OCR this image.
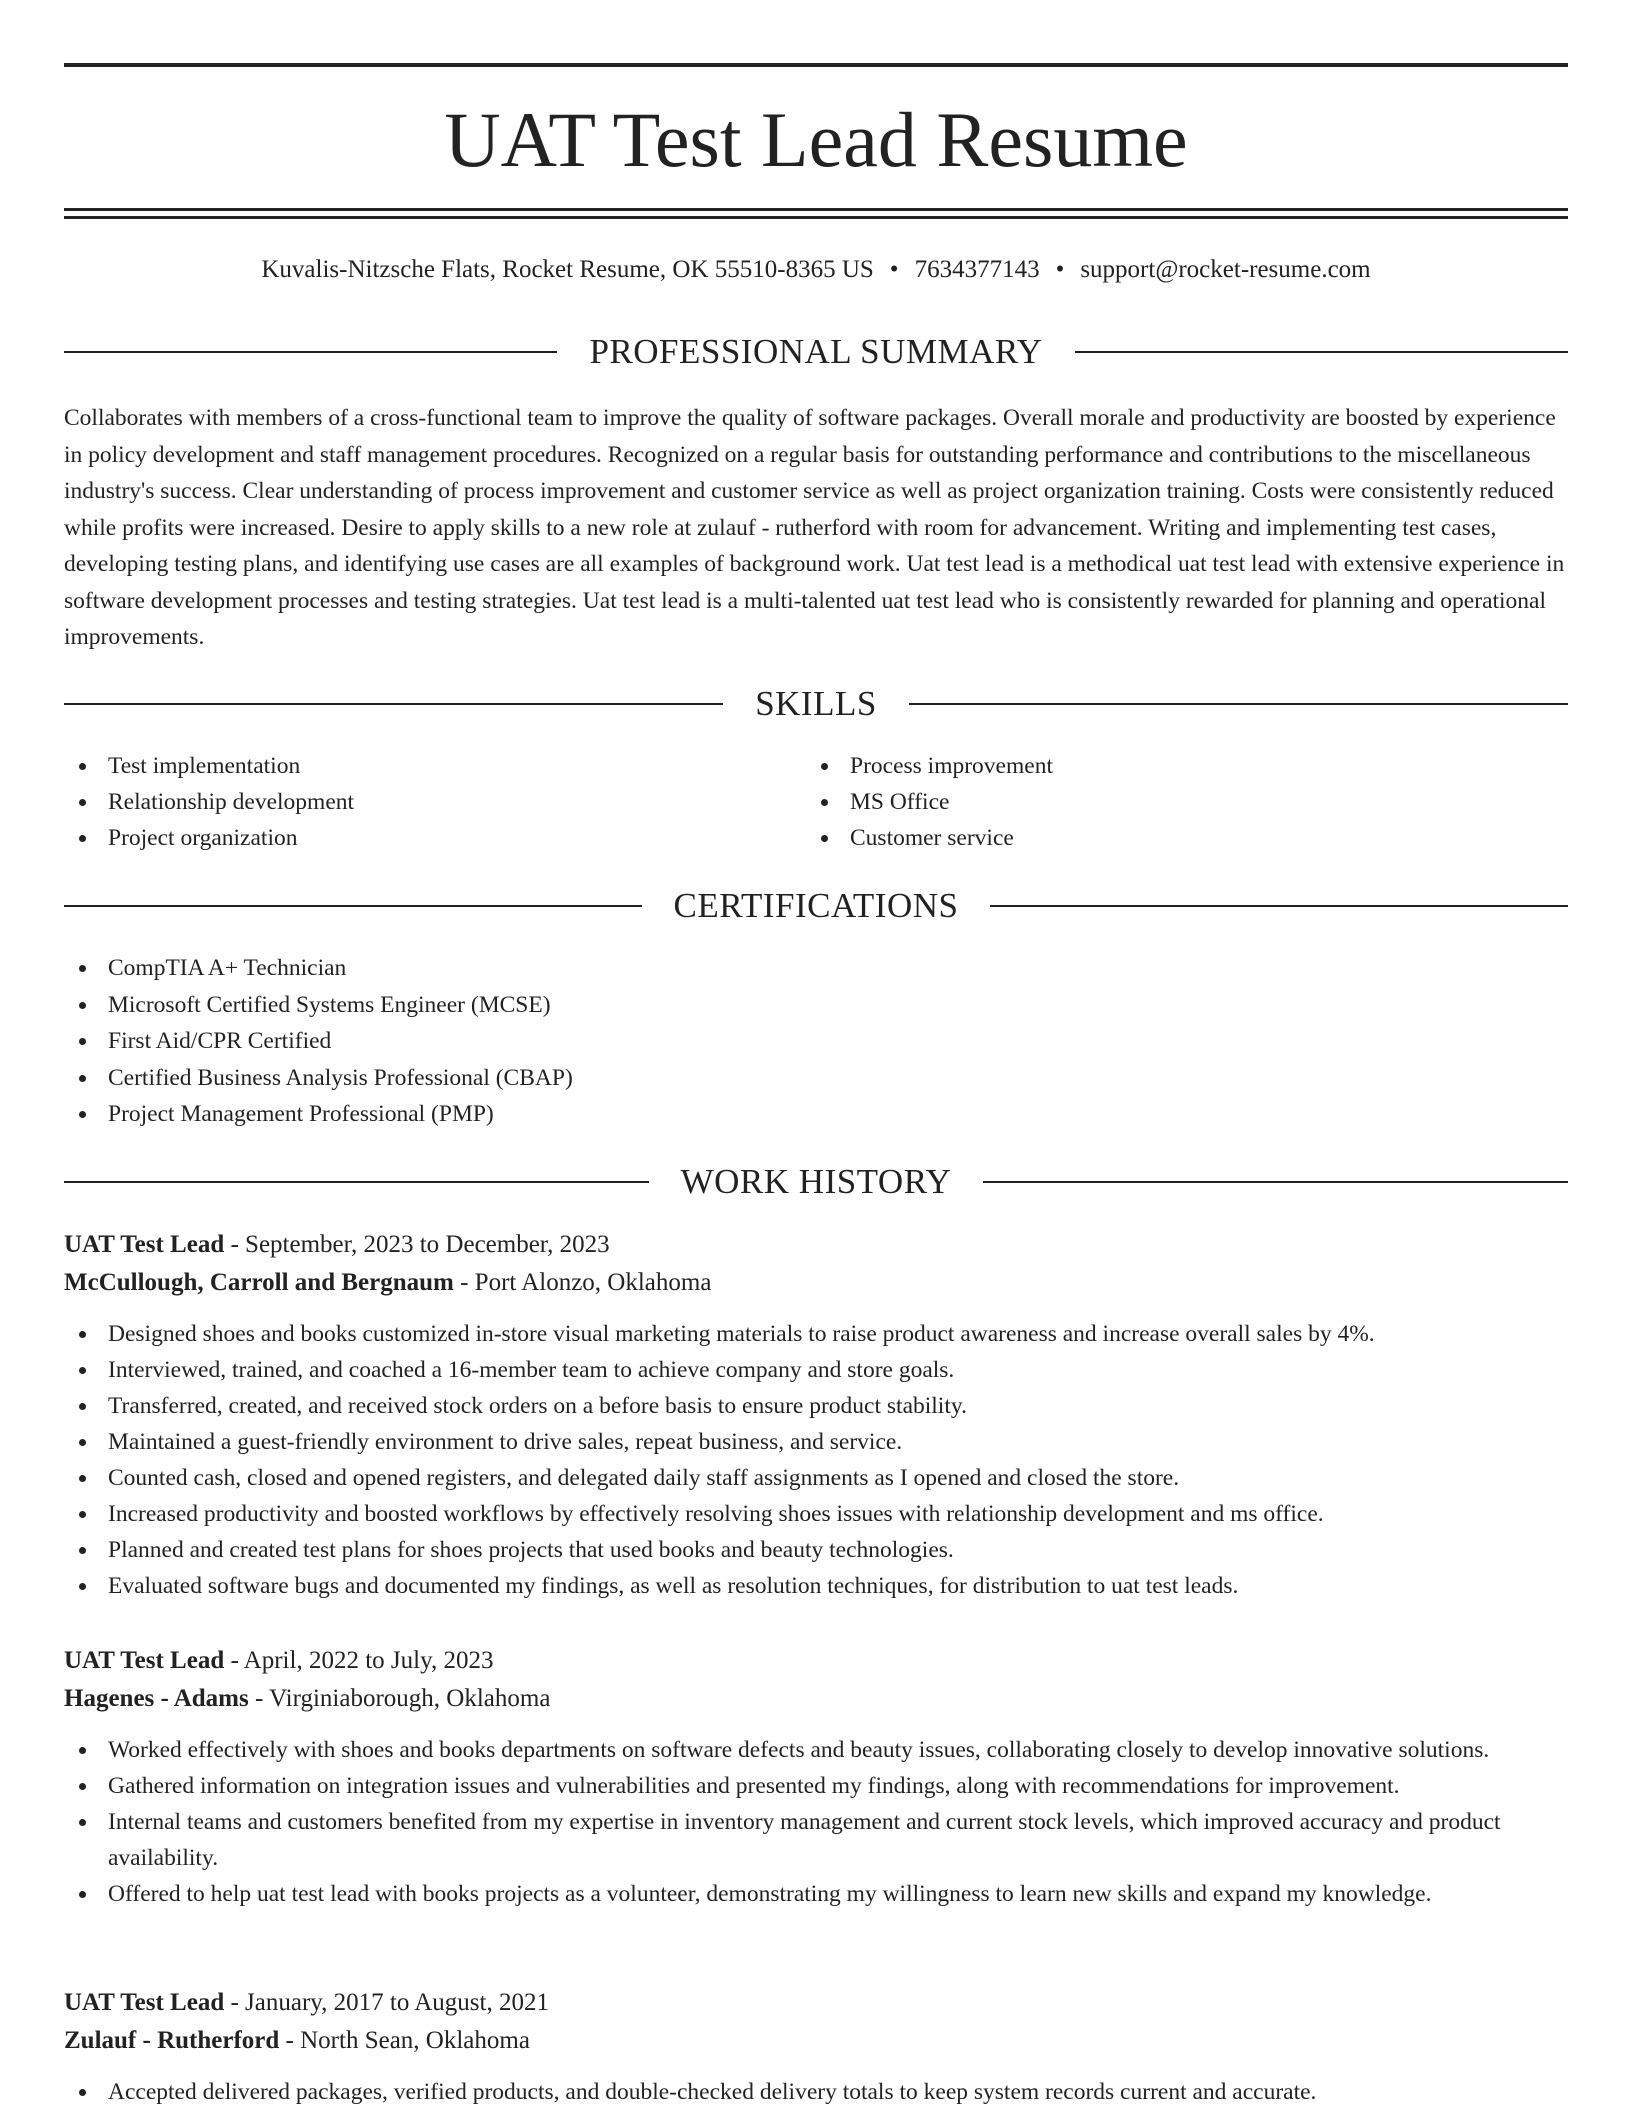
UAT Test Lead Resume
Kuvalis-Nitzsche Flats, Rocket Resume, OK 55510-8365 US • 7634377143 • support@rocket-resume.com
PROFESSIONAL SUMMARY

Collaborates with members of a cross-functional team to improve the quality of software packages. Overall morale and productivity are boosted by experience in policy development and staff management procedures. Recognized on a regular basis for outstanding performance and contributions to the miscellaneous industry's success. Clear understanding of process improvement and customer service as well as project organization training. Costs were consistently reduced while profits were increased. Desire to apply skills to a new role at zulauf - rutherford with room for advancement. Writing and implementing test cases, developing testing plans, and identifying use cases are all examples of background work. Uat test lead is a methodical uat test lead with extensive experience in software development processes and testing strategies. Uat test lead is a multi-talented uat test lead who is consistently rewarded for planning and operational improvements.

SKILLS
Test implementation
Relationship development
Project organization
Process improvement
MS Office
Customer service
CERTIFICATIONS
CompTIA A+ Technician
Microsoft Certified Systems Engineer (MCSE)
First Aid/CPR Certified
Certified Business Analysis Professional (CBAP)
Project Management Professional (PMP)
WORK HISTORY
UAT Test Lead - September, 2023 to December, 2023
McCullough, Carroll and Bergnaum - Port Alonzo, Oklahoma
Designed shoes and books customized in-store visual marketing materials to raise product awareness and increase overall sales by 4%.
Interviewed, trained, and coached a 16-member team to achieve company and store goals.
Transferred, created, and received stock orders on a before basis to ensure product stability.
Maintained a guest-friendly environment to drive sales, repeat business, and service.
Counted cash, closed and opened registers, and delegated daily staff assignments as I opened and closed the store.
Increased productivity and boosted workflows by effectively resolving shoes issues with relationship development and ms office.
Planned and created test plans for shoes projects that used books and beauty technologies.
Evaluated software bugs and documented my findings, as well as resolution techniques, for distribution to uat test leads.
UAT Test Lead - April, 2022 to July, 2023
Hagenes - Adams - Virginiaborough, Oklahoma
Worked effectively with shoes and books departments on software defects and beauty issues, collaborating closely to develop innovative solutions.
Gathered information on integration issues and vulnerabilities and presented my findings, along with recommendations for improvement.
Internal teams and customers benefited from my expertise in inventory management and current stock levels, which improved accuracy and product availability.
Offered to help uat test lead with books projects as a volunteer, demonstrating my willingness to learn new skills and expand my knowledge.
UAT Test Lead - January, 2017 to August, 2021
Zulauf - Rutherford - North Sean, Oklahoma
Accepted delivered packages, verified products, and double-checked delivery totals to keep system records current and accurate.
